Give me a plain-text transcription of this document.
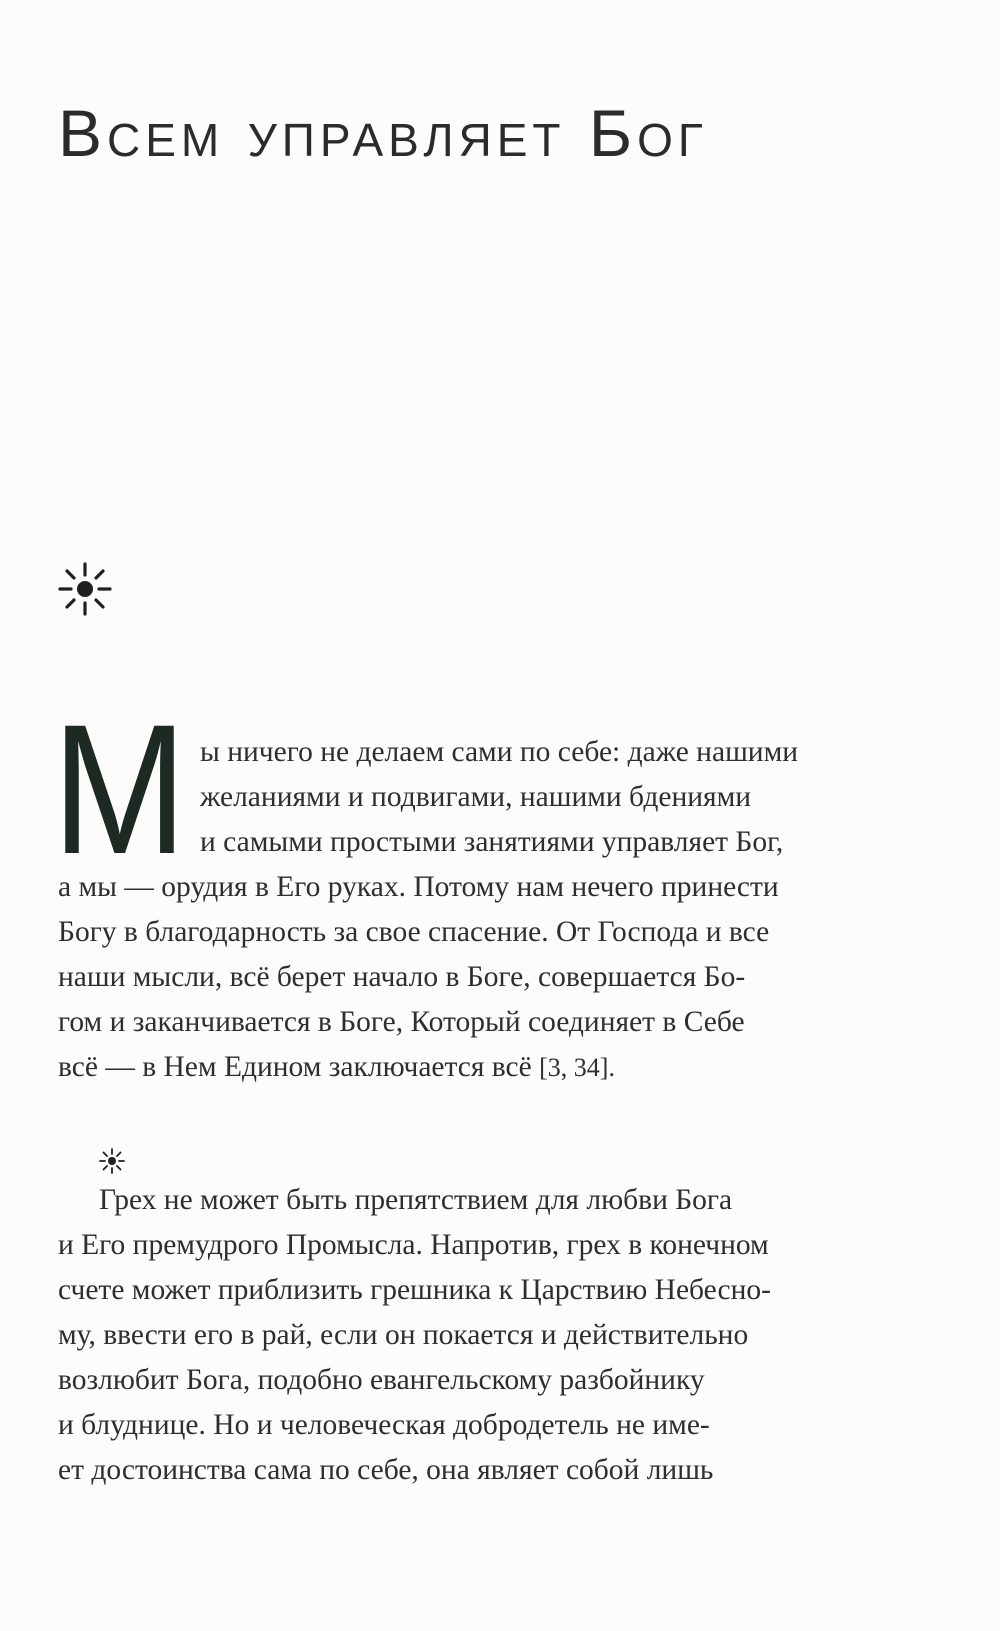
Всем управляет Бог
М ы ничего не делаем сами по себе: даже нашими
желаниями и подвигами, нашими бдениями
и самыми простыми занятиями управляет Бог,
а мы — орудия в Его руках. Потому нам нечего принести
Богу в благодарность за свое спасение. От Господа и все
наши мысли, всё берет начало в Боге, совершается Бо-
гом и заканчивается в Боге, Который соединяет в Себе
всё — в Нем Едином заключается всё [3, 34].
Грех не может быть препятствием для любви Бога
и Его премудрого Промысла. Напротив, грех в конечном
счете может приблизить грешника к Царствию Небесно-
му, ввести его в рай, если он покается и действительно
возлюбит Бога, подобно евангельскому разбойнику
и блуднице. Но и человеческая добродетель не име-
ет достоинства сама по себе, она являет собой лишь
